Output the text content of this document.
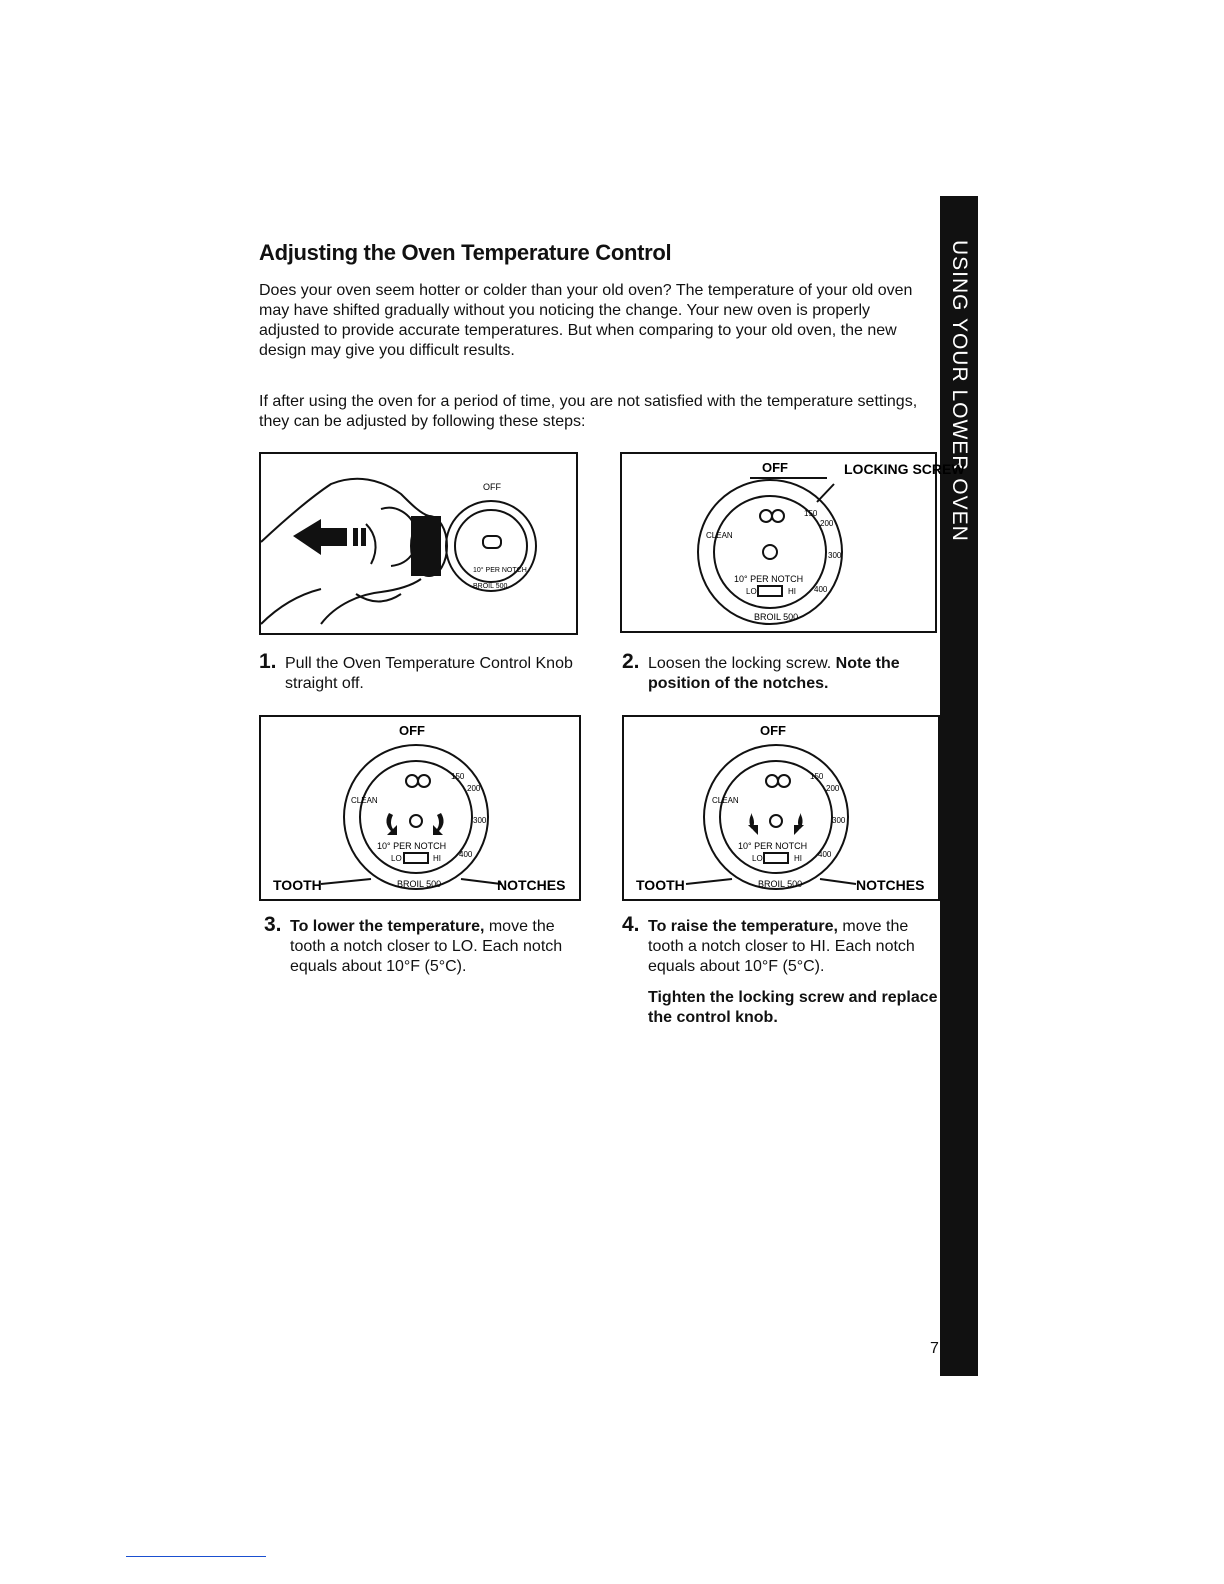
USING YOUR LOWER OVEN
Adjusting the Oven Temperature Control

Does your oven seem hotter or colder than your old oven? The temperature of your old oven may have shifted gradually without you noticing the change. Your new oven is properly adjusted to provide accurate temperatures. But when comparing to your old oven, the new design may give you difficult results.

If after using the oven for a period of time, you are not satisfied with the temperature settings, they can be adjusted by following these steps:

OFF
10° PER NOTCH
BROIL 500
OFF	LOCKING SCREW
CLEAN
150
200
300
400
10° PER NOTCH
LO	HI
BROIL 500
1. Pull the Oven Temperature Control Knob straight off.
2. Loosen the locking screw. Note the position of the notches.
OFF
TOOTH	NOTCHES
CLEAN
150
200
300
400
10° PER NOTCH
LO	HI
BROIL 500
OFF
TOOTH	NOTCHES
CLEAN
150
200
300
400
10° PER NOTCH
LO	HI
BROIL 500
3. To lower the temperature, move the tooth a notch closer to LO. Each notch equals about 10°F (5°C).
4. To raise the temperature, move the tooth a notch closer to HI. Each notch equals about 10°F (5°C).
Tighten the locking screw and replace the control knob.
7
